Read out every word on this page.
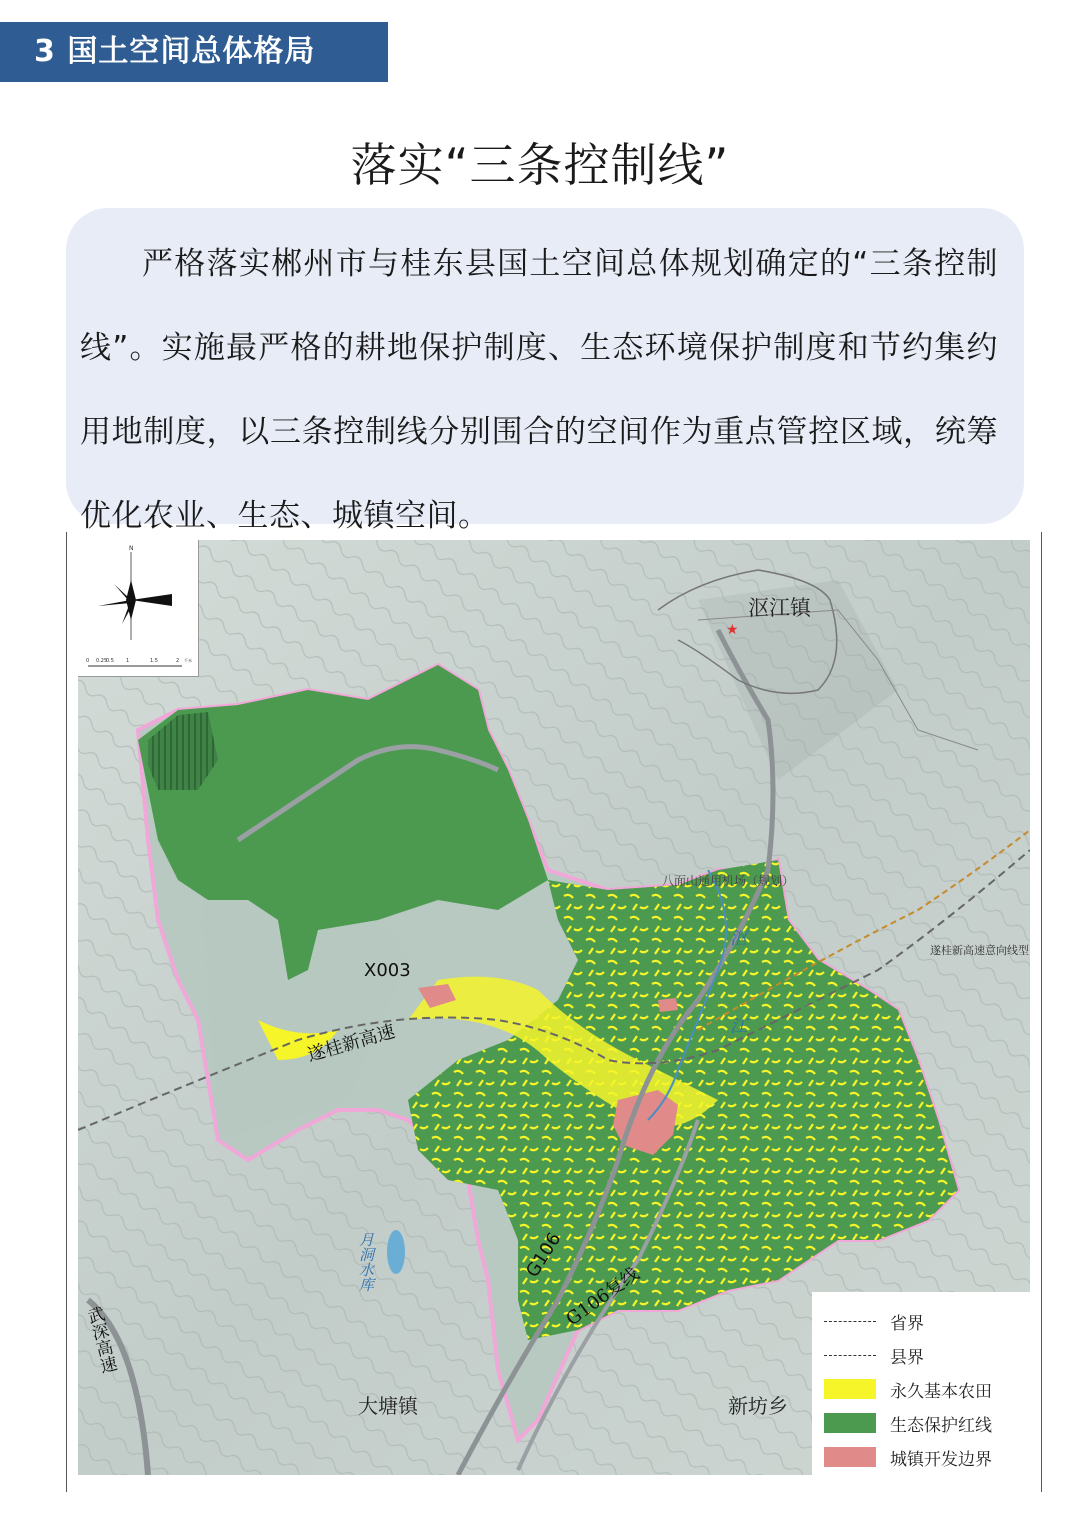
3 国土空间总体格局
落实“三条控制线”

严格落实郴州市与桂东县国土空间总体规划确定的“三条控制线”。实施最严格的耕地保护制度、生态环境保护制度和节约集约用地制度，以三条控制线分别围合的空间作为重点管控区域，统筹优化农业、生态、城镇空间。

N
0 0.25
0.5 1	1.5	2 千米
沤江镇
★
八面山通用机场（规划）
遂桂新高速意向线型
沤
江
X003
遂桂新高速
G106
G106复线
月洞水库
武深高速
大塘镇	新坊乡
省界
县界
永久基本农田
生态保护红线
城镇开发边界
